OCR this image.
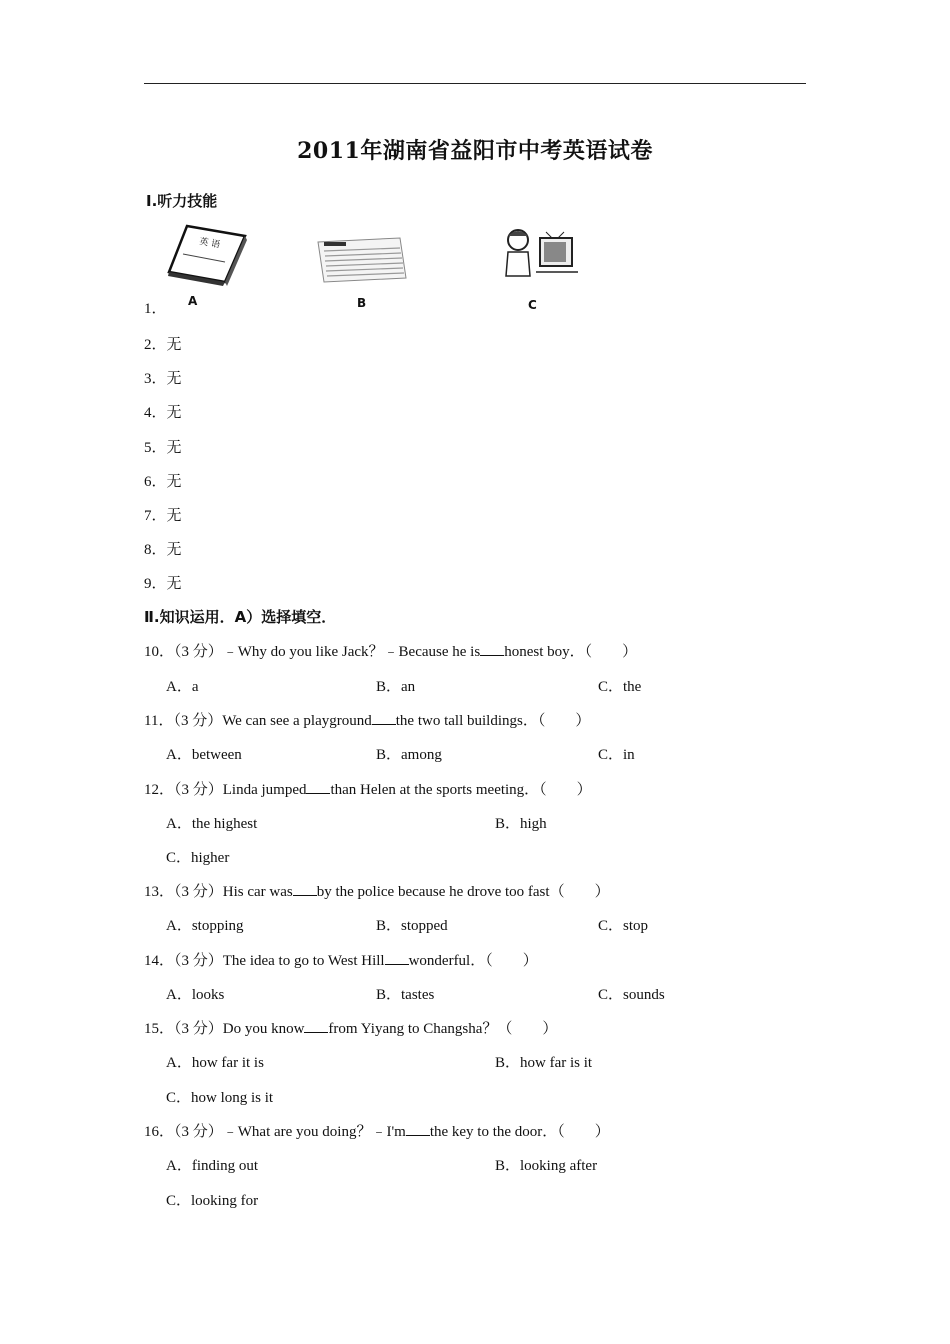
2011年湖南省益阳市中考英语试卷
Ⅰ.听力技能
1．
英 语
A	B	C
2．无
3．无
4．无
5．无
6．无
7．无
8．无
9．无
Ⅱ.知识运用．A）选择填空．
10．（3 分）﹣Why do you like Jack？﹣Because he is honest boy．（　　）
A．a	B．an	C．the
11．（3 分）We can see a playground the two tall buildings．（　　）
A．between	B．among	C．in
12．（3 分）Linda jumped than Helen at the sports meeting．（　　）
A．the highest	B．high
C．higher
13．（3 分）His car was by the police because he drove too fast（　　）
A．stopping	B．stopped	C．stop
14．（3 分）The idea to go to West Hill wonderful．（　　）
A．looks	B．tastes	C．sounds
15．（3 分）Do you know from Yiyang to Changsha？（　　）
A．how far it is	B．how far is it
C．how long is it
16．（3 分）﹣What are you doing？﹣I'm the key to the door．（　　）
A．finding out	B．looking after
C．looking for
